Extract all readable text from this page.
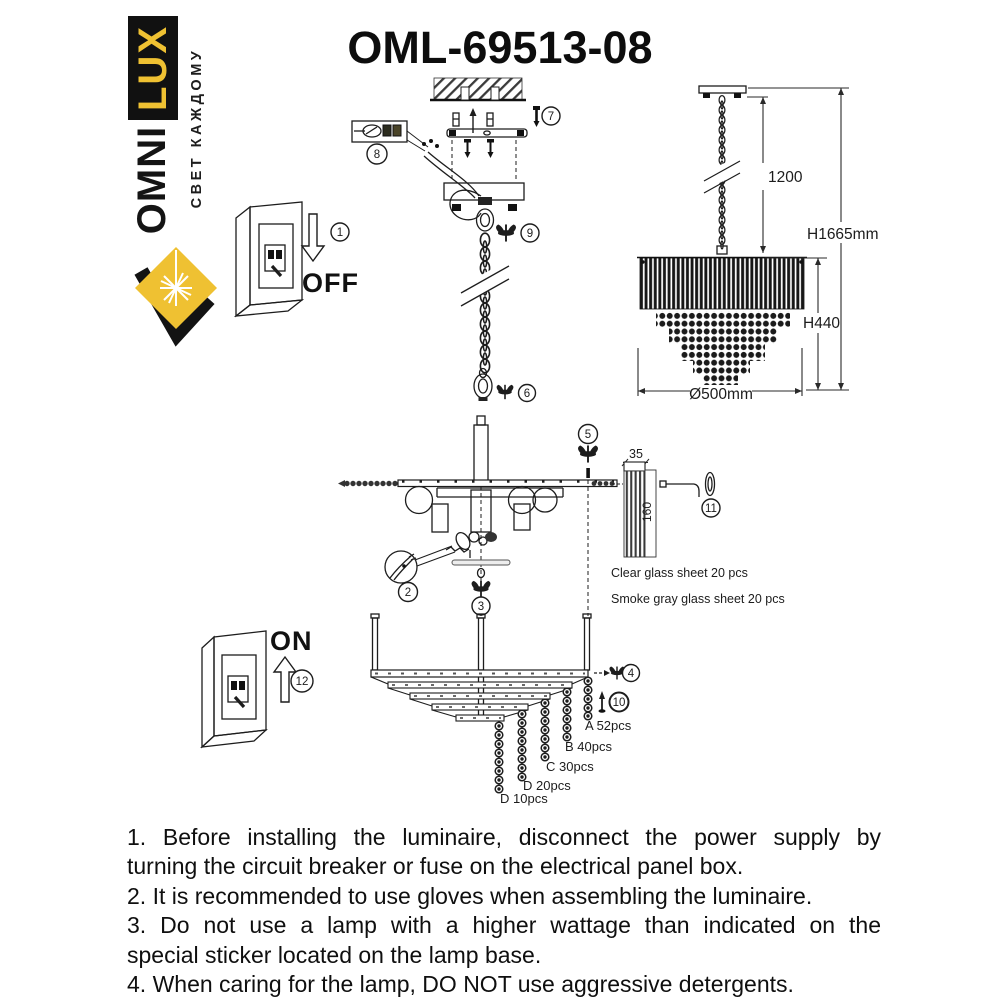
OML-69513-08
LUX
OMNI СВЕТ КАЖДОМУ
1
OFF
7
8
9
6
1200
H1665mm
H440
Ø500mm
2
3
5
35
160	11
Clear glass sheet 20 pcs
Smoke gray glass sheet 20 pcs
A 52pcs
B 40pcs
C 30pcs
D 20pcs
D 10pcs
4
10
ON
12
1. Before installing the luminaire, disconnect the power supply by
turning the circuit breaker or fuse on the electrical panel box.
2. It is recommended to use gloves when assembling the luminaire.
3. Do not use a lamp with a higher wattage than indicated on the
special sticker located on the lamp base.
4. When caring for the lamp, DO NOT use aggressive detergents.
